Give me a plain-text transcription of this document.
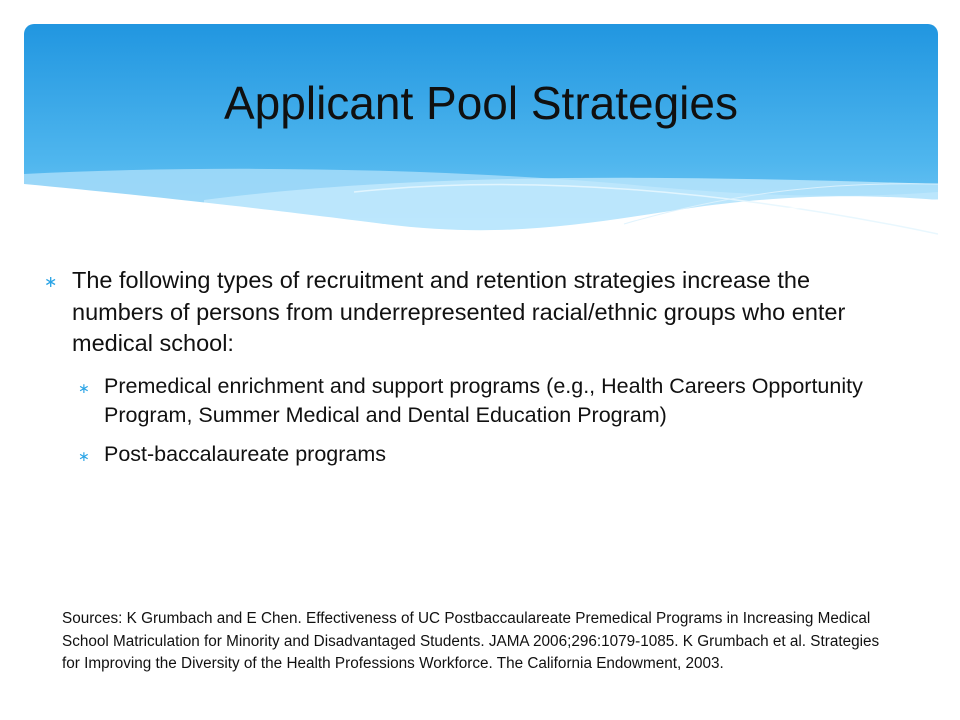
Applicant Pool Strategies
∗ The following types of recruitment and retention strategies increase the numbers of persons from underrepresented racial/ethnic groups who enter medical school:
∗ Premedical enrichment and support programs (e.g., Health Careers Opportunity Program, Summer Medical and Dental Education Program)
∗ Post-baccalaureate programs
Sources: K Grumbach and E Chen. Effectiveness of UC Postbaccaulareate Premedical Programs in Increasing Medical School Matriculation for Minority and Disadvantaged Students. JAMA 2006;296:1079-1085. K Grumbach et al. Strategies for Improving the Diversity of the Health Professions Workforce. The California Endowment, 2003.
